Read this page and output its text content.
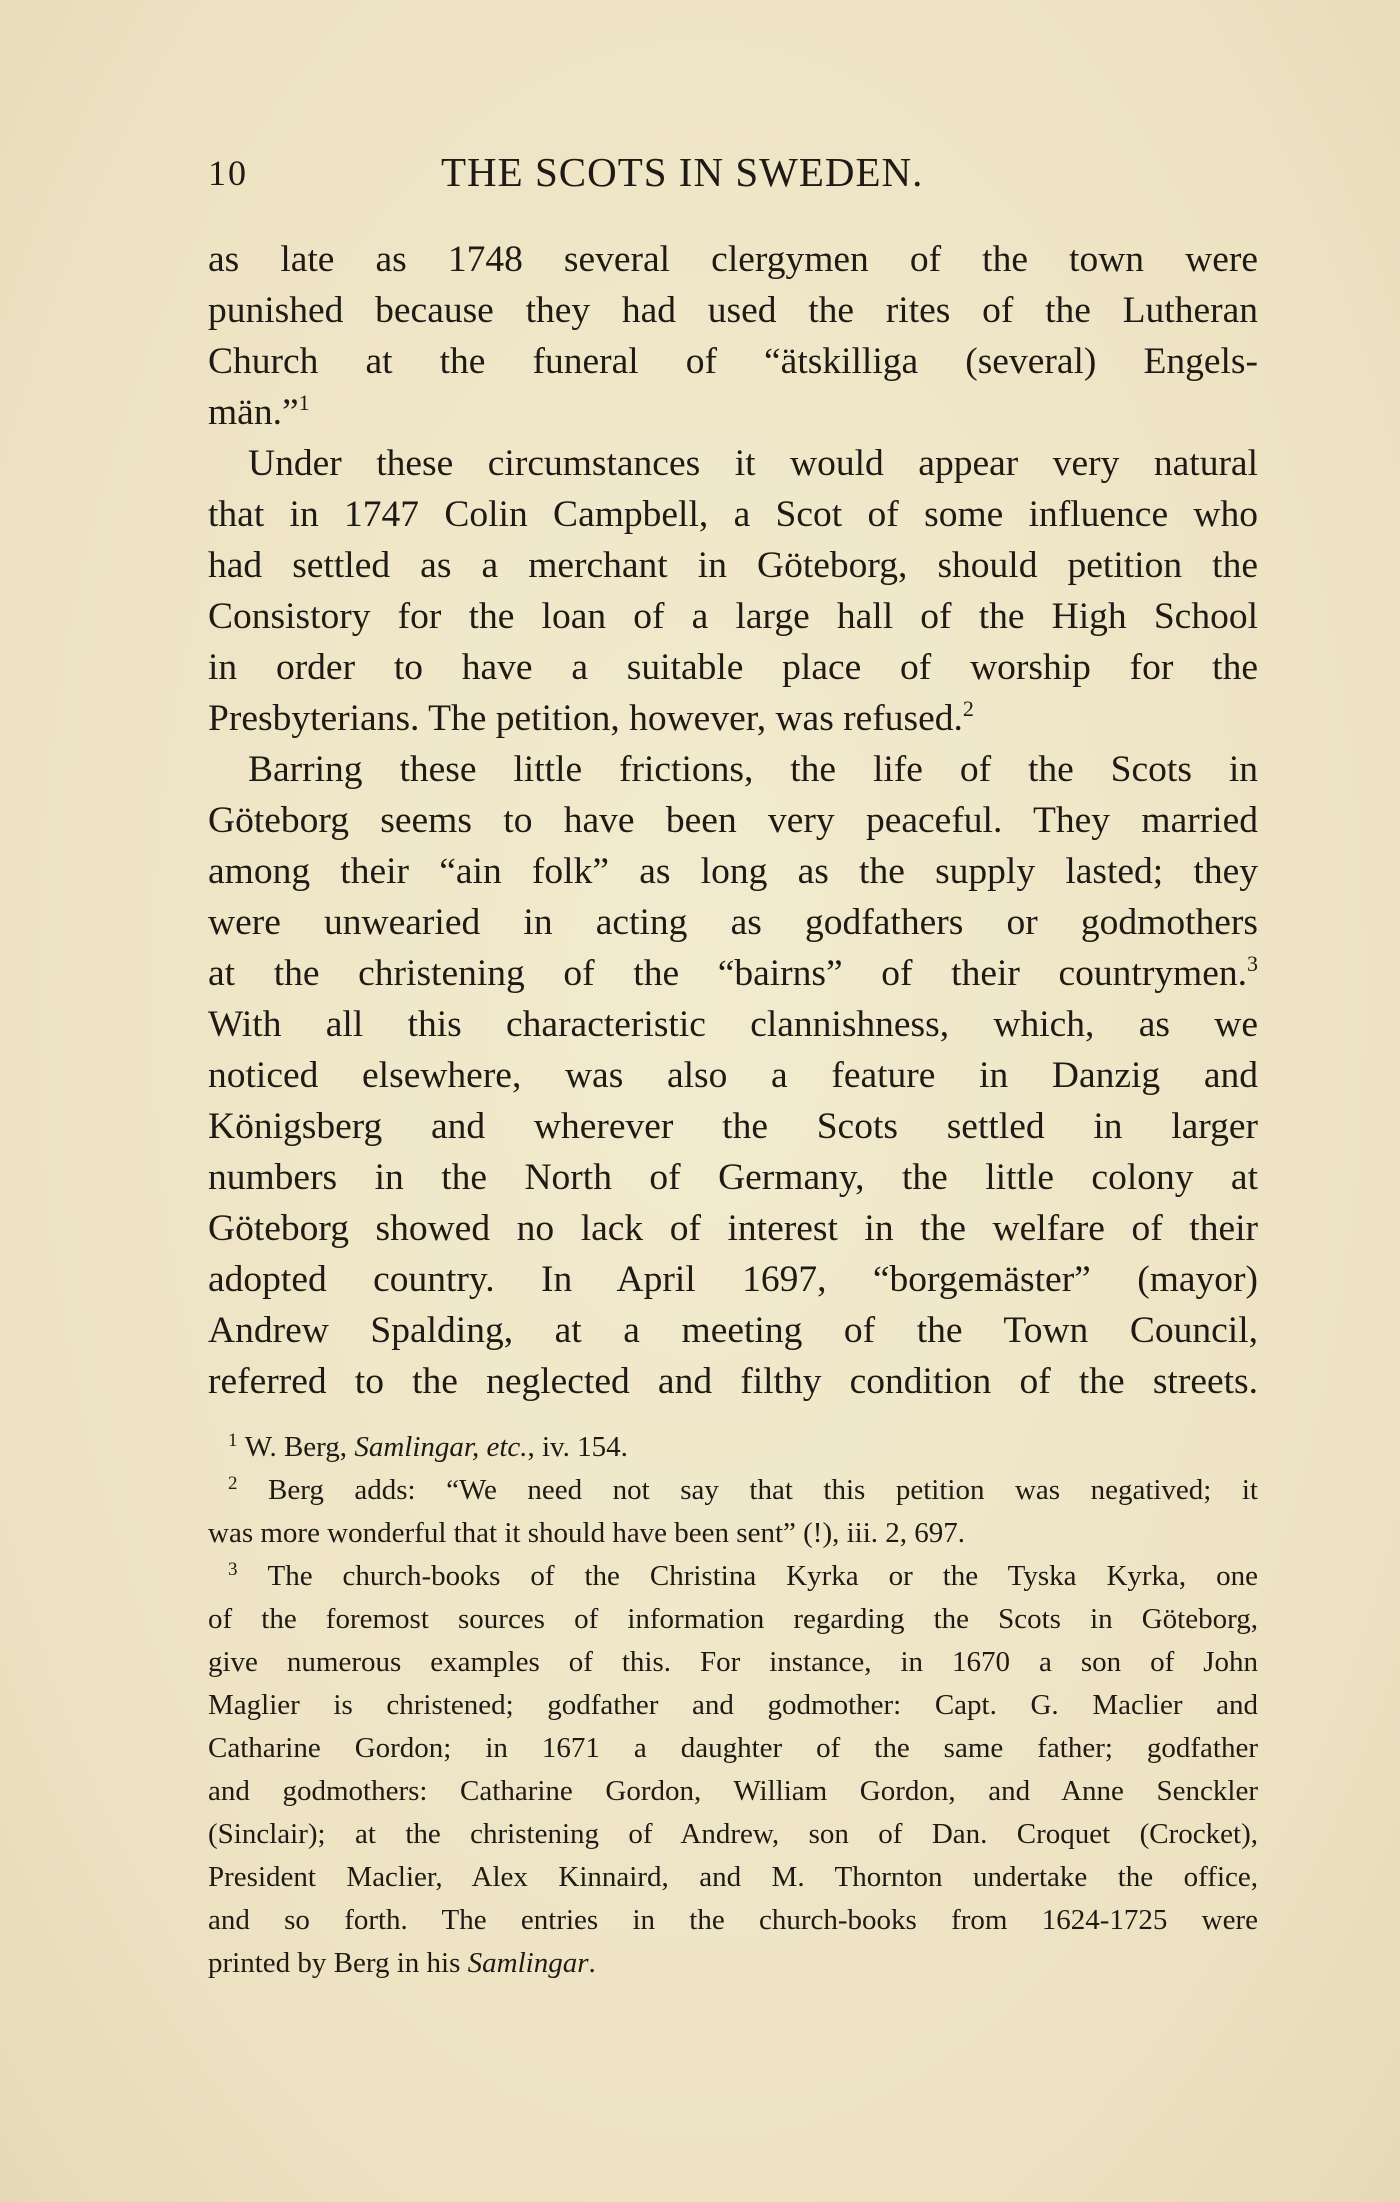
10	THE SCOTS IN SWEDEN.
as late as 1748 several clergymen of the town were
punished because they had used the rites of the Lutheran
Church at the funeral of “ätskilliga (several) Engels-
män.”$^1$
Under these circumstances it would appear very natural
that in 1747 Colin Campbell, a Scot of some influence who
had settled as a merchant in Göteborg, should petition the
Consistory for the loan of a large hall of the High School
in order to have a suitable place of worship for the
Presbyterians. The petition, however, was refused.$^2$
Barring these little frictions, the life of the Scots in
Göteborg seems to have been very peaceful. They married
among their “ain folk” as long as the supply lasted; they
were unwearied in acting as godfathers or godmothers
at the christening of the “bairns” of their countrymen.$^3$
With all this characteristic clannishness, which, as we
noticed elsewhere, was also a feature in Danzig and
Königsberg and wherever the Scots settled in larger
numbers in the North of Germany, the little colony at
Göteborg showed no lack of interest in the welfare of their
adopted country. In April 1697, “borgemäster” (mayor)
Andrew Spalding, at a meeting of the Town Council,
referred to the neglected and filthy condition of the streets.
$^1$ W. Berg, Samlingar, etc., iv. 154.
$^2$ Berg adds: “We need not say that this petition was negatived; it
was more wonderful that it should have been sent” (!), iii. 2, 697.
$^3$ The church-books of the Christina Kyrka or the Tyska Kyrka, one
of the foremost sources of information regarding the Scots in Göteborg,
give numerous examples of this. For instance, in 1670 a son of John
Maglier is christened; godfather and godmother: Capt. G. Maclier and
Catharine Gordon; in 1671 a daughter of the same father; godfather
and godmothers: Catharine Gordon, William Gordon, and Anne Senckler
(Sinclair); at the christening of Andrew, son of Dan. Croquet (Crocket),
President Maclier, Alex Kinnaird, and M. Thornton undertake the office,
and so forth. The entries in the church-books from 1624-1725 were
printed by Berg in his Samlingar.
